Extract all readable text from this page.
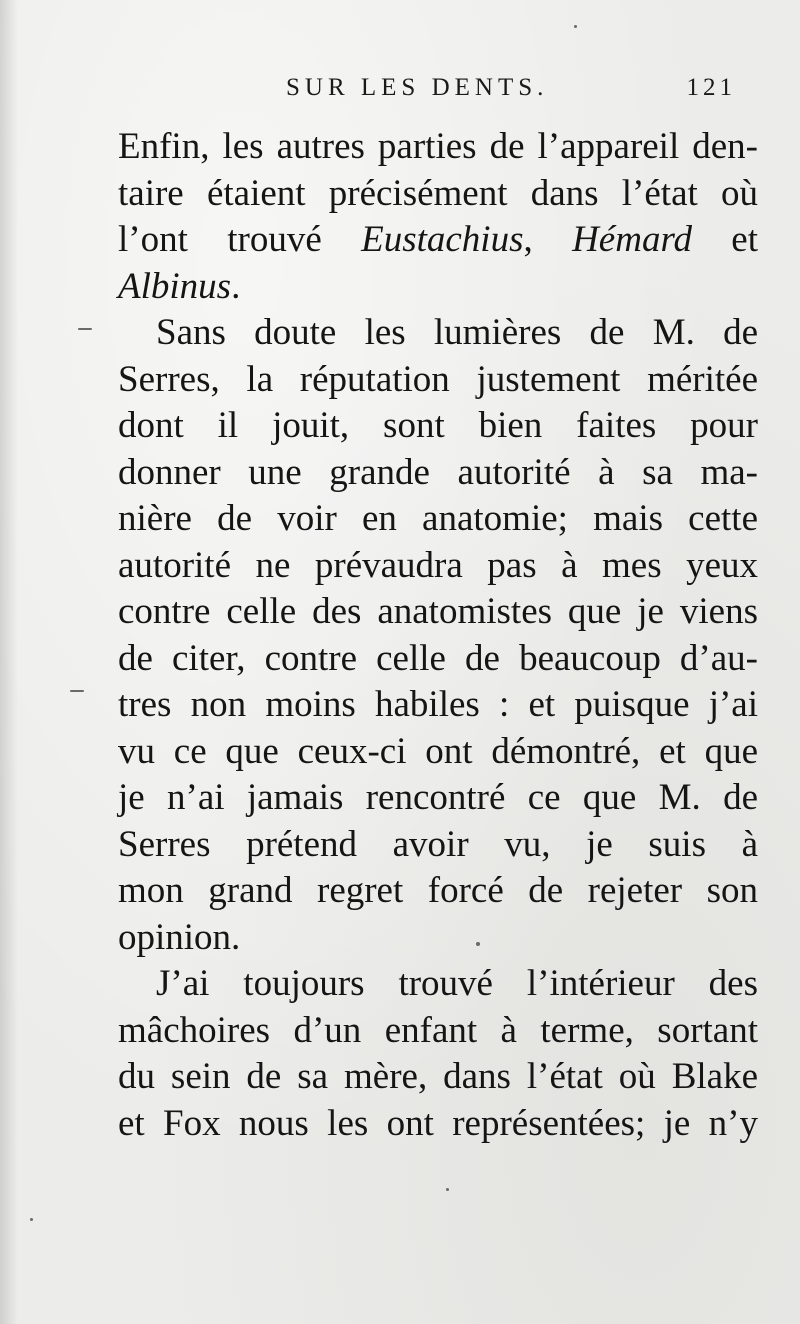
SUR LES DENTS.	121
Enfin, les autres parties de l’appareil den-
taire étaient précisément dans l’état où
l’ont trouvé Eustachius, Hémard et
Albinus.
Sans doute les lumières de M. de
Serres, la réputation justement méritée
dont il jouit, sont bien faites pour
donner une grande autorité à sa ma-
nière de voir en anatomie; mais cette
autorité ne prévaudra pas à mes yeux
contre celle des anatomistes que je viens
de citer, contre celle de beaucoup d’au-
tres non moins habiles : et puisque j’ai
vu ce que ceux-ci ont démontré, et que
je n’ai jamais rencontré ce que M. de
Serres prétend avoir vu, je suis à
mon grand regret forcé de rejeter son
opinion.
J’ai toujours trouvé l’intérieur des
mâchoires d’un enfant à terme, sortant
du sein de sa mère, dans l’état où Blake
et Fox nous les ont représentées; je n’y
